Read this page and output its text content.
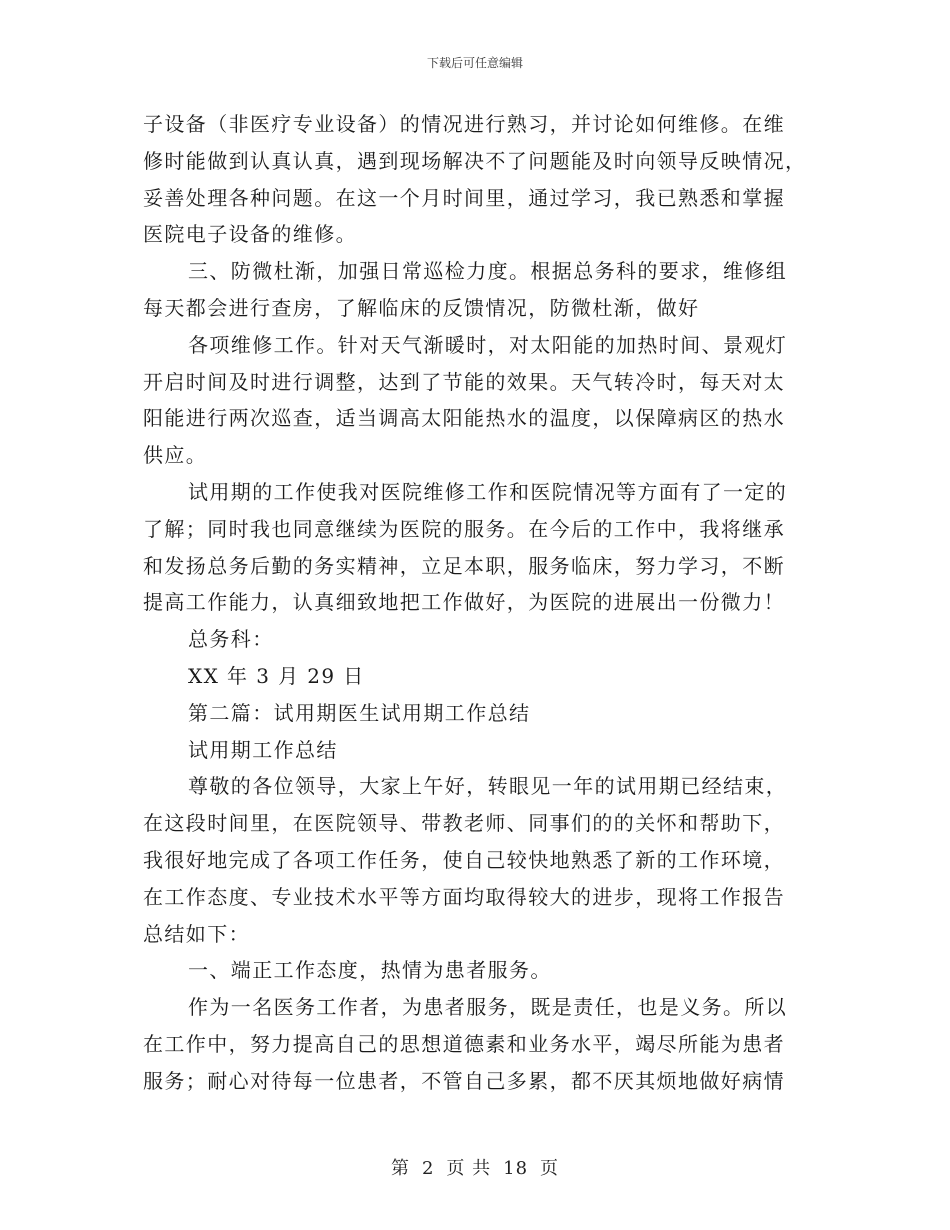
下载后可任意编辑
子设备（非医疗专业设备）的情况进行熟习，并讨论如何维修。在维
修时能做到认真认真，遇到现场解决不了问题能及时向领导反映情况，
妥善处理各种问题。在这一个月时间里，通过学习，我已熟悉和掌握
医院电子设备的维修。
三、防微杜渐，加强日常巡检力度。根据总务科的要求，维修组
每天都会进行查房，了解临床的反馈情况，防微杜渐，做好
各项维修工作。针对天气渐暖时，对太阳能的加热时间、景观灯
开启时间及时进行调整，达到了节能的效果。天气转冷时，每天对太
阳能进行两次巡查，适当调高太阳能热水的温度，以保障病区的热水
供应。
试用期的工作使我对医院维修工作和医院情况等方面有了一定的
了解；同时我也同意继续为医院的服务。在今后的工作中，我将继承
和发扬总务后勤的务实精神，立足本职，服务临床，努力学习，不断
提高工作能力，认真细致地把工作做好，为医院的进展出一份微力！
总务科：
XX 年 3 月 29 日
第二篇：试用期医生试用期工作总结
试用期工作总结
尊敬的各位领导，大家上午好，转眼见一年的试用期已经结束，
在这段时间里，在医院领导、带教老师、同事们的的关怀和帮助下，
我很好地完成了各项工作任务，使自己较快地熟悉了新的工作环境，
在工作态度、专业技术水平等方面均取得较大的进步，现将工作报告
总结如下：
一、端正工作态度，热情为患者服务。
作为一名医务工作者，为患者服务，既是责任，也是义务。所以
在工作中，努力提高自己的思想道德素和业务水平，竭尽所能为患者
服务；耐心对待每一位患者，不管自己多累，都不厌其烦地做好病情
第 2 页 共 18 页
